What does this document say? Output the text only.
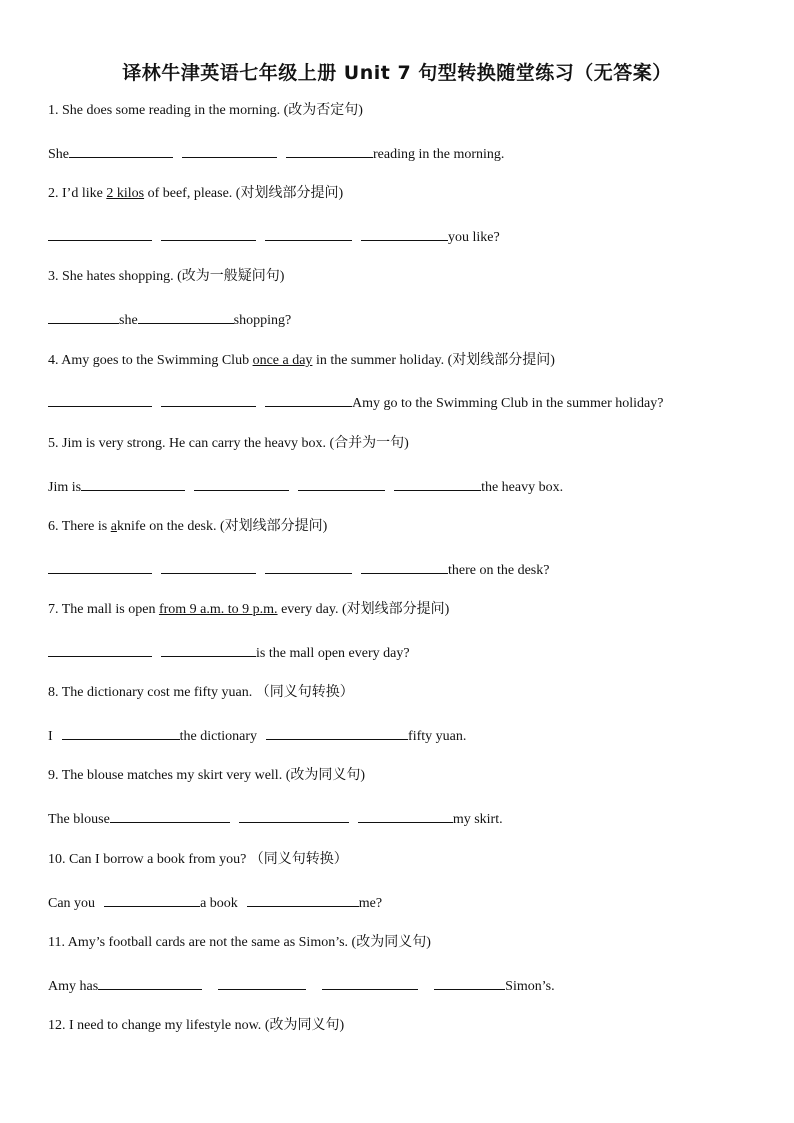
译林牛津英语七年级上册 Unit 7 句型转换随堂练习（无答案）
1. She does some reading in the morning. (改为否定句)
She	reading in the morning.
2. I’d like 2 kilos of beef, please. (对划线部分提问)
you like?
3. She hates shopping. (改为一般疑问句)
she	shopping?
4. Amy goes to the Swimming Club once a day in the summer holiday. (对划线部分提问)
Amy go to the Swimming Club in the summer holiday?
5. Jim is very strong. He can carry the heavy box. (合并为一句)
Jim is	the heavy box.
6. There is aknife on the desk. (对划线部分提问)
there on the desk?
7. The mall is open from 9 a.m. to 9 p.m. every day. (对划线部分提问)
is the mall open every day?
8. The dictionary cost me fifty yuan. （同义句转换）
I	the dictionary	fifty yuan.
9. The blouse matches my skirt very well. (改为同义句)
The blouse	my skirt.
10. Can I borrow a book from you? （同义句转换）
Can you	a book	me?
11. Amy’s football cards are not the same as Simon’s. (改为同义句)
Amy has	Simon’s.
12. I need to change my lifestyle now. (改为同义句)
